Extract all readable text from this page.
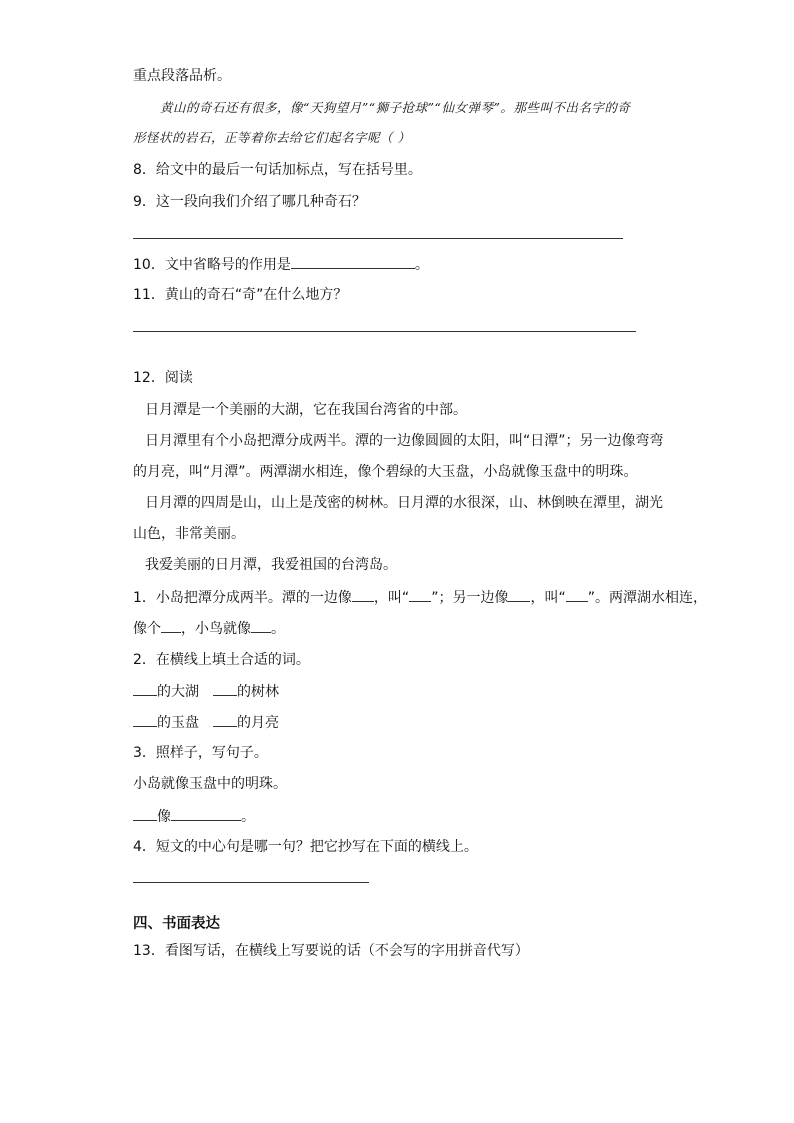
重点段落品析。
黄山的奇石还有很多，像“天狗望月”“狮子抢球”“仙女弹琴”。那些叫不出名字的奇
形怪状的岩石，正等着你去给它们起名字呢（ ）
8．给文中的最后一句话加标点，写在括号里。
9．这一段向我们介绍了哪几种奇石？
10．文中省略号的作用是	。
11．黄山的奇石“奇”在什么地方？
12．阅读
日月潭是一个美丽的大湖，它在我国台湾省的中部。
日月潭里有个小岛把潭分成两半。潭的一边像圆圆的太阳，叫“日潭”；另一边像弯弯
的月亮，叫“月潭”。两潭湖水相连，像个碧绿的大玉盘，小岛就像玉盘中的明珠。
日月潭的四周是山，山上是茂密的树林。日月潭的水很深，山、林倒映在潭里，湖光
山色，非常美丽。
我爱美丽的日月潭，我爱祖国的台湾岛。
1．小岛把潭分成两半。潭的一边像 ，叫“ ”；另一边像 ，叫“ ”。两潭湖水相连，
像个 ，小鸟就像 。
2．在横线上填土合适的词。
的大湖	的树林
的玉盘	的月亮
3．照样子，写句子。
小岛就像玉盘中的明珠。
像	。
4．短文的中心句是哪一句？把它抄写在下面的横线上。
四、书面表达
13．看图写话，在横线上写要说的话（不会写的字用拼音代写）
